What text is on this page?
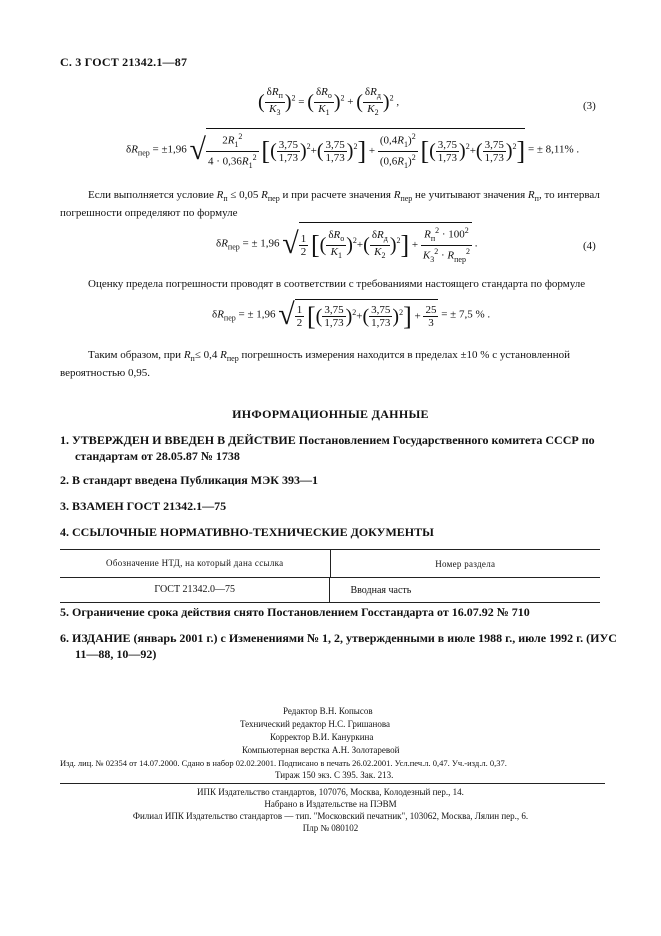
С. 3 ГОСТ 21342.1—87
( $\frac{\delta R_п}{K_3} )^2$ = ( $\frac{\delta R_о}{K_1} )^2$ + ( $\frac{\delta R_д}{K_2} )^2$ ,	(3)
$\delta R_{пер} = \pm 1,96$ √ $\frac{2R_1^2}{4 \cdot 0,36R_1^2}$ [( $\frac{3,75}{1,73} )^2+( \frac{3,75}{1,73} )^2] + \frac{(0,4R_1)^2}{(0,6R_1)^2}$ [( $\frac{3,75}{1,73} )^2+( \frac{3,75}{1,73} )^2$] = ± 8,11% .
Если выполняется условие $R_п \le 0,05$ $R_{пер}$ и при расчете значения $R_{пер}$ не учитывают значения $R_п$, то интервал погрешности определяют по формуле
$\delta R_{пер}$ = ± 1,96 √ $\frac{1}{2}$ [( $\frac{\delta R_о}{K_1} )^2+( \frac{\delta R_д}{K_2} )^2] + \frac{R_п^2 \cdot 100^2}{K_3^2 \cdot R_{пер}^2}$ .	(4)
Оценку предела погрешности проводят в соответствии с требованиями настоящего стандарта по формуле
$\delta R_{пер}$ = ± 1,96 √ $\frac{1}{2}$ [( $\frac{3,75}{1,73} )^2+( \frac{3,75}{1,73} )^2] + \frac{25}{3}$ = ± 7,5 % .
Таким образом, при $R_п\le 0,4$ $R_{пер}$ погрешность измерения находится в пределах ±10 % с установленной вероятностью 0,95.
ИНФОРМАЦИОННЫЕ ДАННЫЕ
1. УТВЕРЖДЕН И ВВЕДЕН В ДЕЙСТВИЕ Постановлением Государственного комитета СССР по стандартам от 28.05.87 № 1738
2. В стандарт введена Публикация МЭК 393—1
3. ВЗАМЕН ГОСТ 21342.1—75
4. ССЫЛОЧНЫЕ НОРМАТИВНО-ТЕХНИЧЕСКИЕ ДОКУМЕНТЫ
Обозначение НТД, на который дана ссылка	Номер раздела
ГОСТ 21342.0—75	Вводная часть
5. Ограничение срока действия снято Постановлением Госстандарта от 16.07.92 № 710
6. ИЗДАНИЕ (январь 2001 г.) с Изменениями № 1, 2, утвержденными в июле 1988 г., июле 1992 г. (ИУС 11—88, 10—92)
Редактор В.Н. Копысов
Технический редактор Н.С. Гришанова
Корректор В.И. Кануркина
Компьютерная верстка А.Н. Золотаревой
Изд. лиц. № 02354 от 14.07.2000. Сдано в набор 02.02.2001. Подписано в печать 26.02.2001. Усл.печ.л. 0,47. Уч.-изд.л. 0,37.
Тираж 150 экз. С 395. Зак. 213.
ИПК Издательство стандартов, 107076, Москва, Колодезный пер., 14.
Набрано в Издательстве на ПЭВМ
Филиал ИПК Издательство стандартов — тип. "Московский печатник", 103062, Москва, Лялин пер., 6.
Плр № 080102
